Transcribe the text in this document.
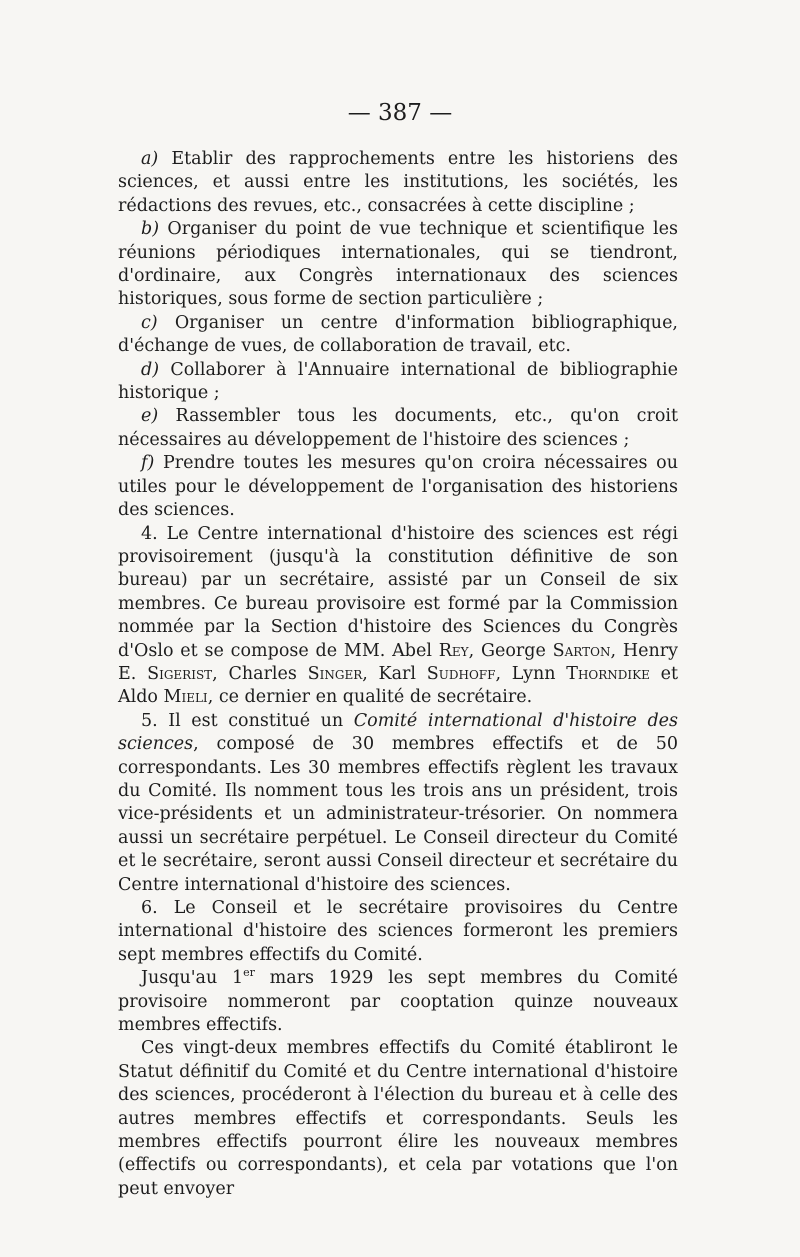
— 387 —

a) Etablir des rapprochements entre les historiens des sciences, et aussi entre les institutions, les sociétés, les rédactions des revues, etc., consacrées à cette discipline ;

b) Organiser du point de vue technique et scientifique les réunions périodiques internationales, qui se tiendront, d'ordinaire, aux Congrès internationaux des sciences historiques, sous forme de section particulière ;

c) Organiser un centre d'information bibliographique, d'échange de vues, de collaboration de travail, etc.

d) Collaborer à l'Annuaire international de bibliographie historique ;

e) Rassembler tous les documents, etc., qu'on croit nécessaires au développement de l'histoire des sciences ;

f) Prendre toutes les mesures qu'on croira nécessaires ou utiles pour le développement de l'organisation des historiens des sciences.

4. Le Centre international d'histoire des sciences est régi provisoirement (jusqu'à la constitution définitive de son bureau) par un secrétaire, assisté par un Conseil de six membres. Ce bureau provisoire est formé par la Commission nommée par la Section d'histoire des Sciences du Congrès d'Oslo et se compose de MM. Abel Rey, George Sarton, Henry E. Sigerist, Charles Singer, Karl Sudhoff, Lynn Thorndike et Aldo Mieli, ce dernier en qualité de secrétaire.

5. Il est constitué un Comité international d'histoire des sciences, composé de 30 membres effectifs et de 50 correspondants. Les 30 membres effectifs règlent les travaux du Comité. Ils nomment tous les trois ans un président, trois vice-présidents et un administrateur-trésorier. On nommera aussi un secrétaire perpétuel. Le Conseil directeur du Comité et le secrétaire, seront aussi Conseil directeur et secrétaire du Centre international d'histoire des sciences.

6. Le Conseil et le secrétaire provisoires du Centre international d'histoire des sciences formeront les premiers sept membres effectifs du Comité.

Jusqu'au 1er mars 1929 les sept membres du Comité provisoire nommeront par cooptation quinze nouveaux membres effectifs.

Ces vingt-deux membres effectifs du Comité établiront le Statut définitif du Comité et du Centre international d'histoire des sciences, procéderont à l'élection du bureau et à celle des autres membres effectifs et correspondants. Seuls les membres effectifs pourront élire les nouveaux membres (effectifs ou correspondants), et cela par votations que l'on peut envoyer
